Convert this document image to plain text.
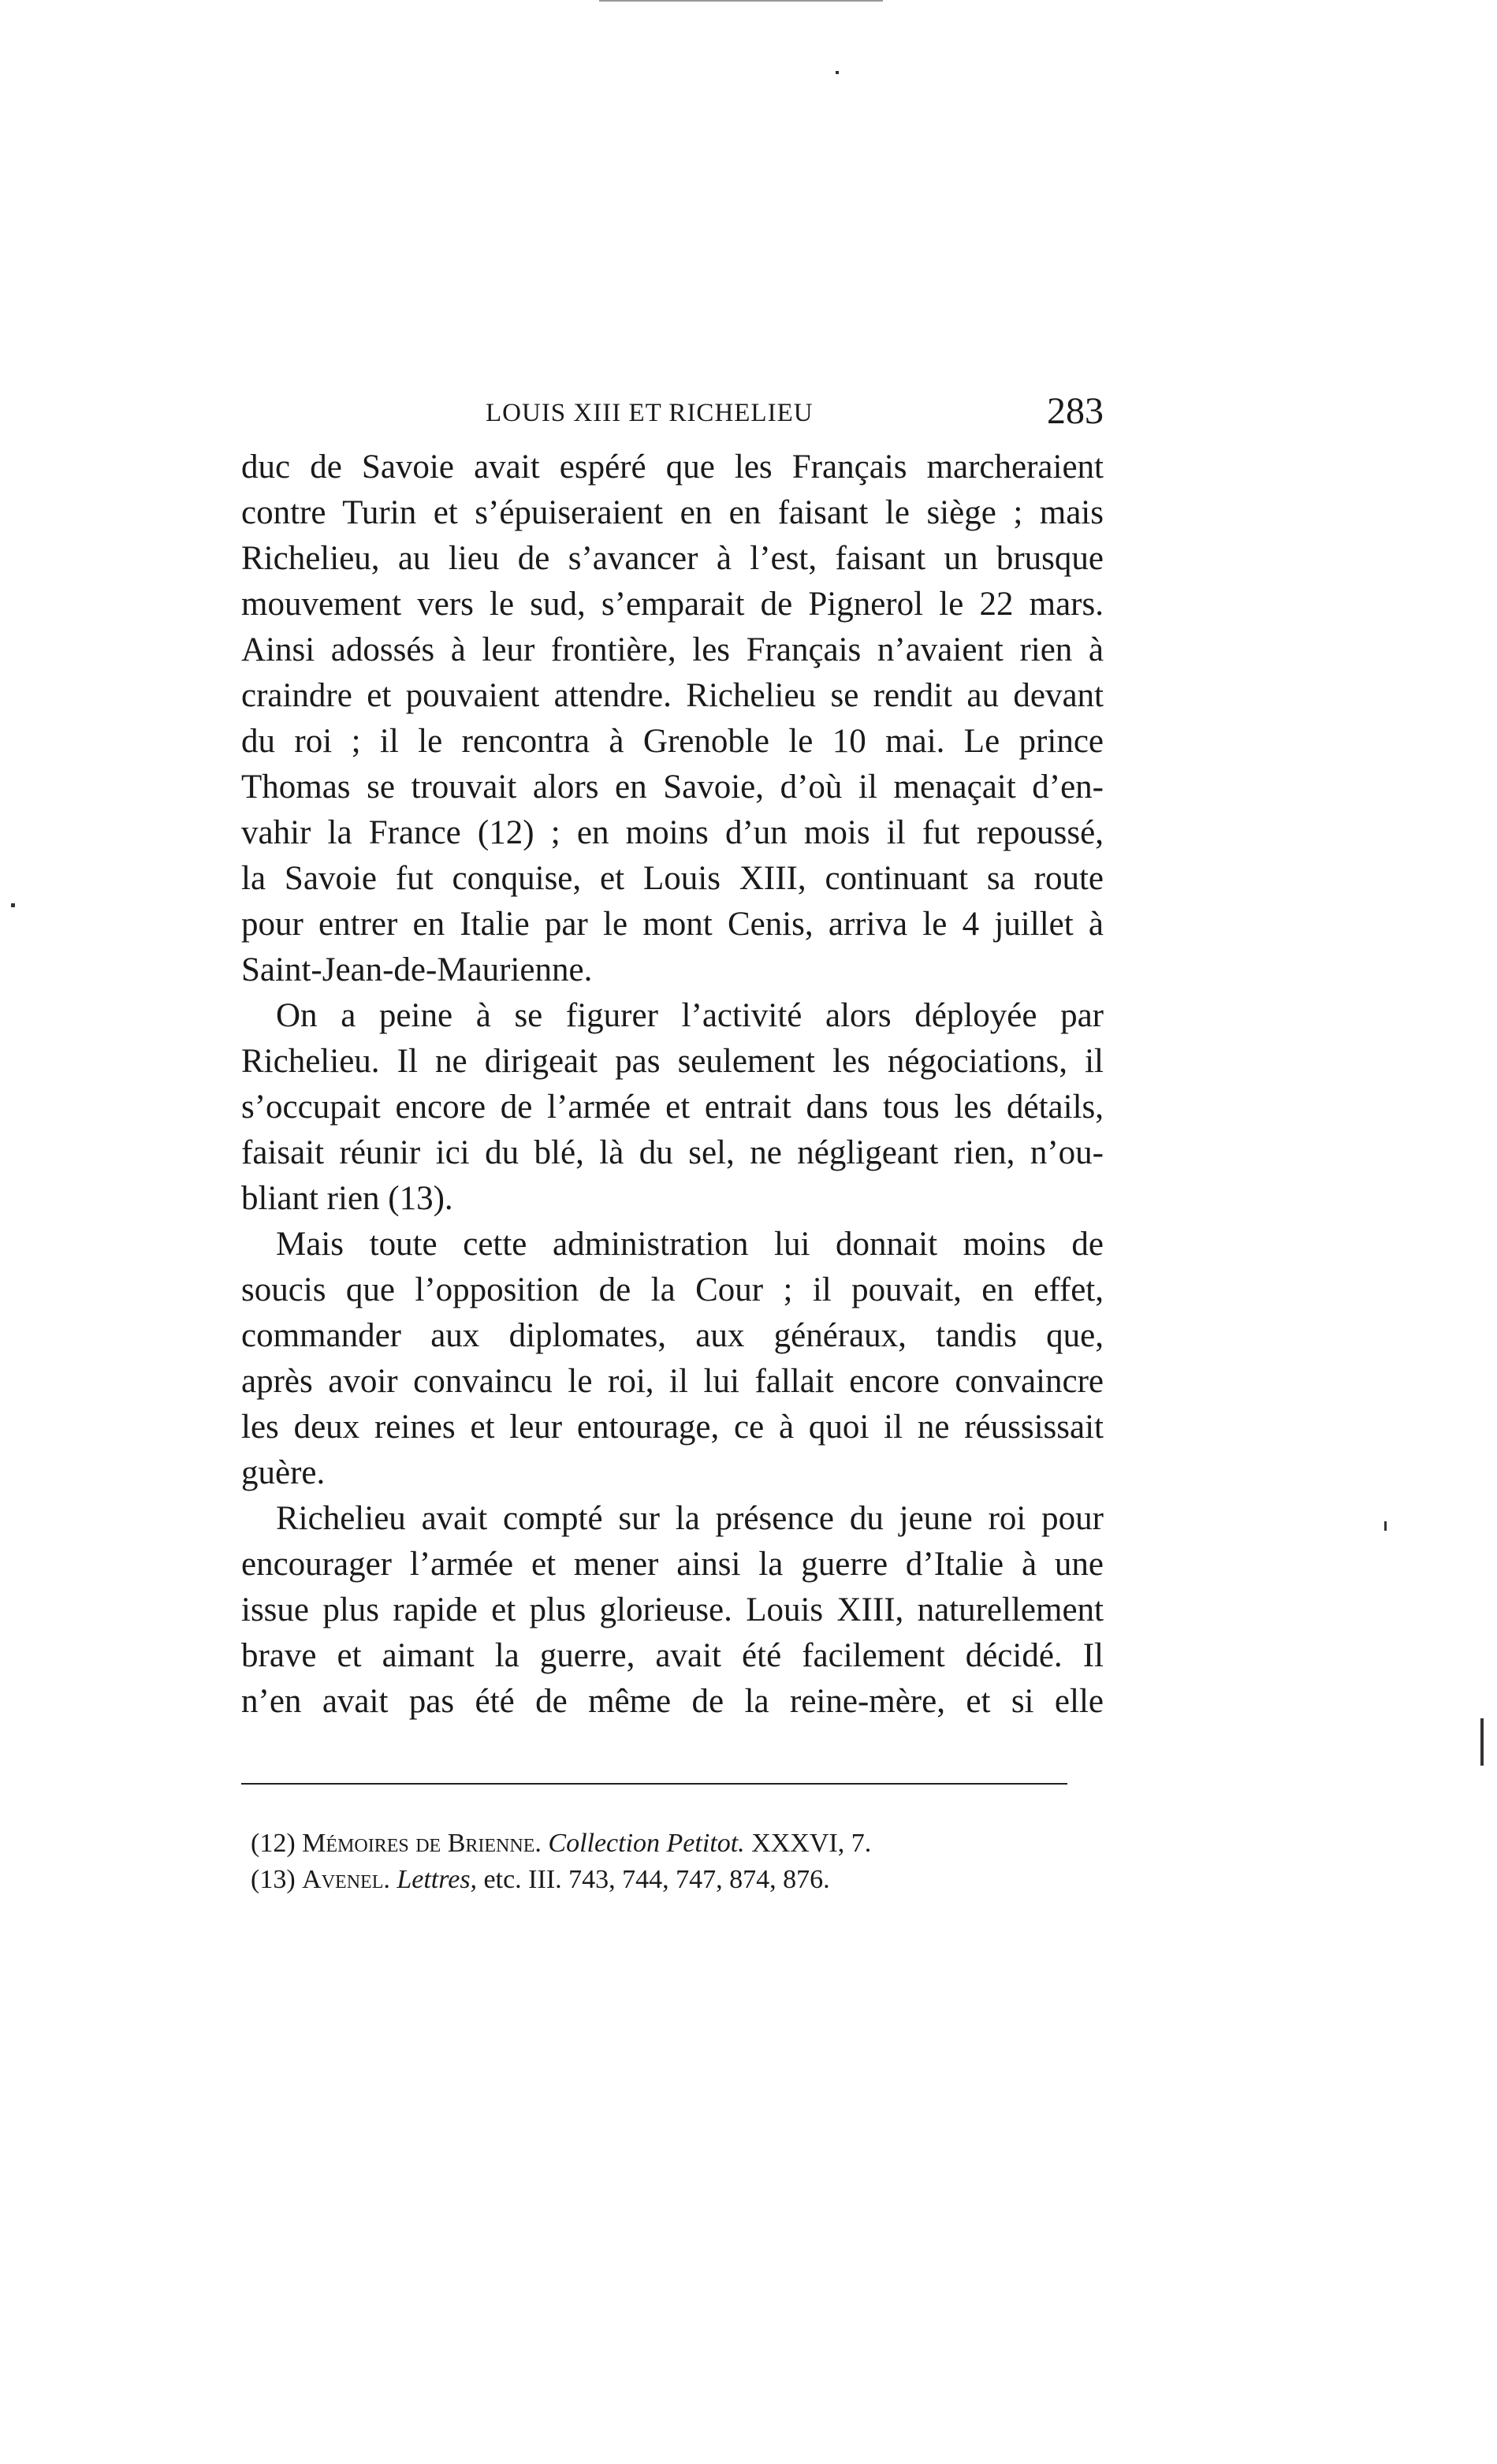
LOUIS XIII ET RICHELIEU	283
duc de Savoie avait espéré que les Français marcheraient
contre Turin et s’épuiseraient en en faisant le siège ; mais
Richelieu, au lieu de s’avancer à l’est, faisant un brusque
mouvement vers le sud, s’emparait de Pignerol le 22 mars.
Ainsi adossés à leur frontière, les Français n’avaient rien à
craindre et pouvaient attendre. Richelieu se rendit au devant
du roi ; il le rencontra à Grenoble le 10 mai. Le prince
Thomas se trouvait alors en Savoie, d’où il menaçait d’en-
vahir la France (12) ; en moins d’un mois il fut repoussé,
la Savoie fut conquise, et Louis XIII, continuant sa route
pour entrer en Italie par le mont Cenis, arriva le 4 juillet à
Saint-Jean-de-Maurienne.
On a peine à se figurer l’activité alors déployée par
Richelieu. Il ne dirigeait pas seulement les négociations, il
s’occupait encore de l’armée et entrait dans tous les détails,
faisait réunir ici du blé, là du sel, ne négligeant rien, n’ou-
bliant rien (13).
Mais toute cette administration lui donnait moins de
soucis que l’opposition de la Cour ; il pouvait, en effet,
commander aux diplomates, aux généraux, tandis que,
après avoir convaincu le roi, il lui fallait encore convaincre
les deux reines et leur entourage, ce à quoi il ne réussissait
guère.
Richelieu avait compté sur la présence du jeune roi pour
encourager l’armée et mener ainsi la guerre d’Italie à une
issue plus rapide et plus glorieuse. Louis XIII, naturellement
brave et aimant la guerre, avait été facilement décidé. Il
n’en avait pas été de même de la reine-mère, et si elle
(12) Mémoires de Brienne. Collection Petitot. XXXVI, 7.
(13) Avenel. Lettres, etc. III. 743, 744, 747, 874, 876.
